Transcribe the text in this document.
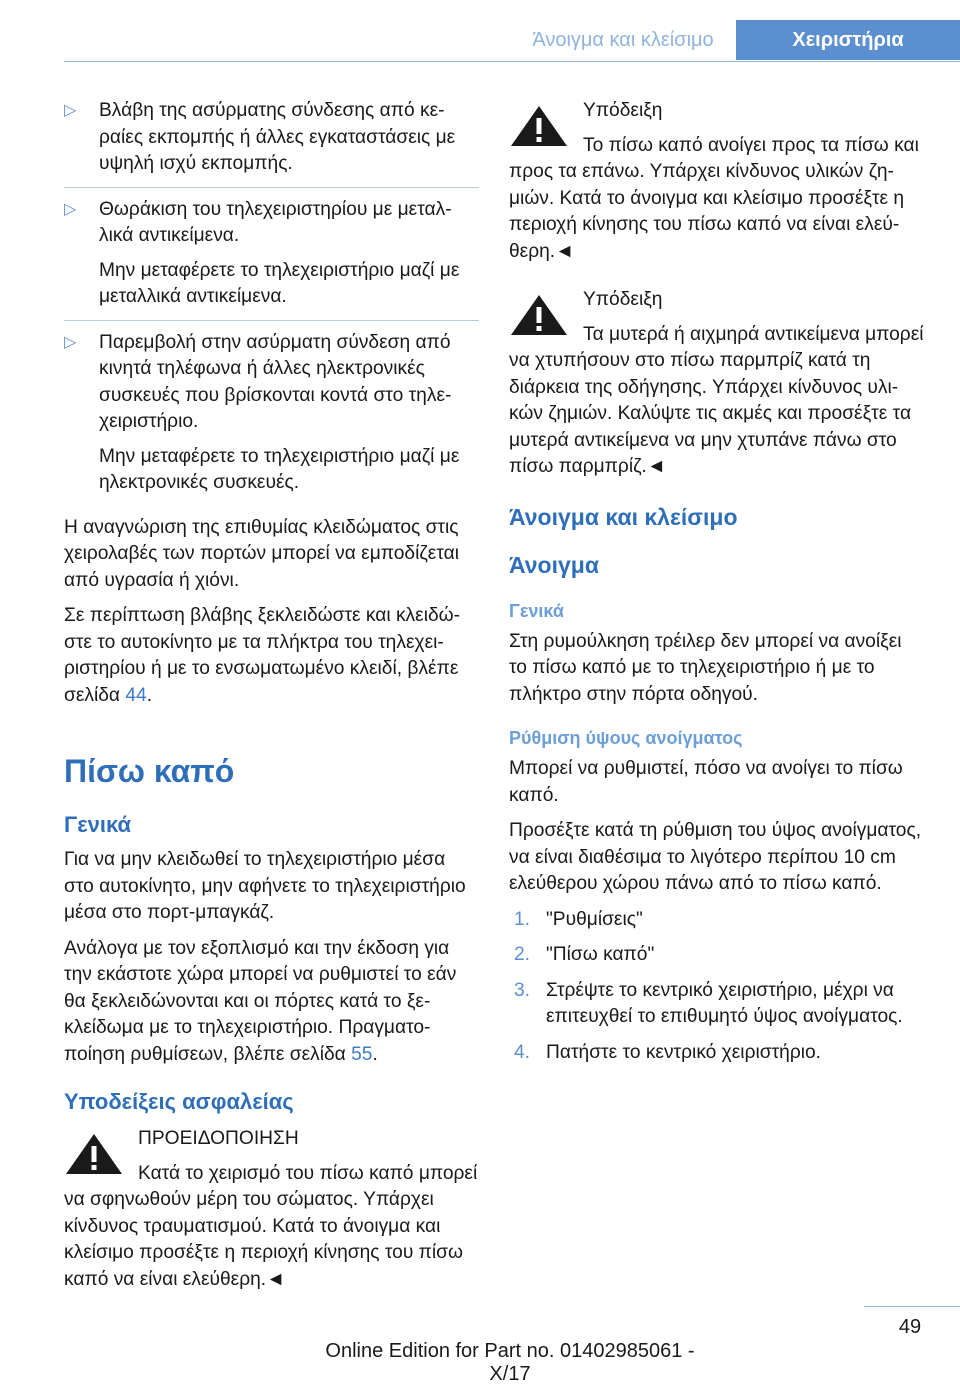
Άνοιγμα και κλείσιμο	Χειριστήρια
▷ Βλάβη της ασύρματης σύνδεσης από κεραίες εκπομπής ή άλλες εγκαταστάσεις με υψηλή ισχύ εκπομπής.

▷ Θωράκιση του τηλεχειριστηρίου με μεταλλικά αντικείμενα.

Μην μεταφέρετε το τηλεχειριστήριο μαζί με μεταλλικά αντικείμενα.

▷ Παρεμβολή στην ασύρματη σύνδεση από κινητά τηλέφωνα ή άλλες ηλεκτρονικές συσκευές που βρίσκονται κοντά στο τηλεχειριστήριο.

Μην μεταφέρετε το τηλεχειριστήριο μαζί με ηλεκτρονικές συσκευές.

Η αναγνώριση της επιθυμίας κλειδώματος στις χειρολαβές των πορτών μπορεί να εμποδίζεται από υγρασία ή χιόνι.

Σε περίπτωση βλάβης ξεκλειδώστε και κλειδώστε το αυτοκίνητο με τα πλήκτρα του τηλεχειριστηρίου ή με το ενσωματωμένο κλειδί, βλέπε σελίδα 44.

Πίσω καπό
Γενικά

Για να μην κλειδωθεί το τηλεχειριστήριο μέσα στο αυτοκίνητο, μην αφήνετε το τηλεχειριστήριο μέσα στο πορτ-μπαγκάζ.

Ανάλογα με τον εξοπλισμό και την έκδοση για την εκάστοτε χώρα μπορεί να ρυθμιστεί το εάν θα ξεκλειδώνονται και οι πόρτες κατά το ξεκλείδωμα με το τηλεχειριστήριο. Πραγματοποίηση ρυθμίσεων, βλέπε σελίδα 55.

Υποδείξεις ασφαλείας

ΠΡΟΕΙΔΟΠΟΙΗΣΗ

Κατά το χειρισμό του πίσω καπό μπορεί να σφηνωθούν μέρη του σώματος. Υπάρχει κίνδυνος τραυματισμού. Κατά το άνοιγμα και κλείσιμο προσέξτε η περιοχή κίνησης του πίσω καπό να είναι ελεύθερη.◄

Υπόδειξη

Το πίσω καπό ανοίγει προς τα πίσω και προς τα επάνω. Υπάρχει κίνδυνος υλικών ζημιών. Κατά το άνοιγμα και κλείσιμο προσέξτε η περιοχή κίνησης του πίσω καπό να είναι ελεύθερη.◄

Υπόδειξη

Τα μυτερά ή αιχμηρά αντικείμενα μπορεί να χτυπήσουν στο πίσω παρμπρίζ κατά τη διάρκεια της οδήγησης. Υπάρχει κίνδυνος υλικών ζημιών. Καλύψτε τις ακμές και προσέξτε τα μυτερά αντικείμενα να μην χτυπάνε πάνω στο πίσω παρμπρίζ.◄

Άνοιγμα και κλείσιμο
Άνοιγμα
Γενικά

Στη ρυμούλκηση τρέιλερ δεν μπορεί να ανοίξει το πίσω καπό με το τηλεχειριστήριο ή με το πλήκτρο στην πόρτα οδηγού.

Ρύθμιση ύψους ανοίγματος

Μπορεί να ρυθμιστεί, πόσο να ανοίγει το πίσω καπό.

Προσέξτε κατά τη ρύθμιση του ύψος ανοίγματος, να είναι διαθέσιμα το λιγότερο περίπου 10 cm ελεύθερου χώρου πάνω από το πίσω καπό.

1. "Ρυθμίσεις"
2. "Πίσω καπό"
3. Στρέψτε το κεντρικό χειριστήριο, μέχρι να επιτευχθεί το επιθυμητό ύψος ανοίγματος.
4. Πατήστε το κεντρικό χειριστήριο.
49
Online Edition for Part no. 01402985061 - X/17
